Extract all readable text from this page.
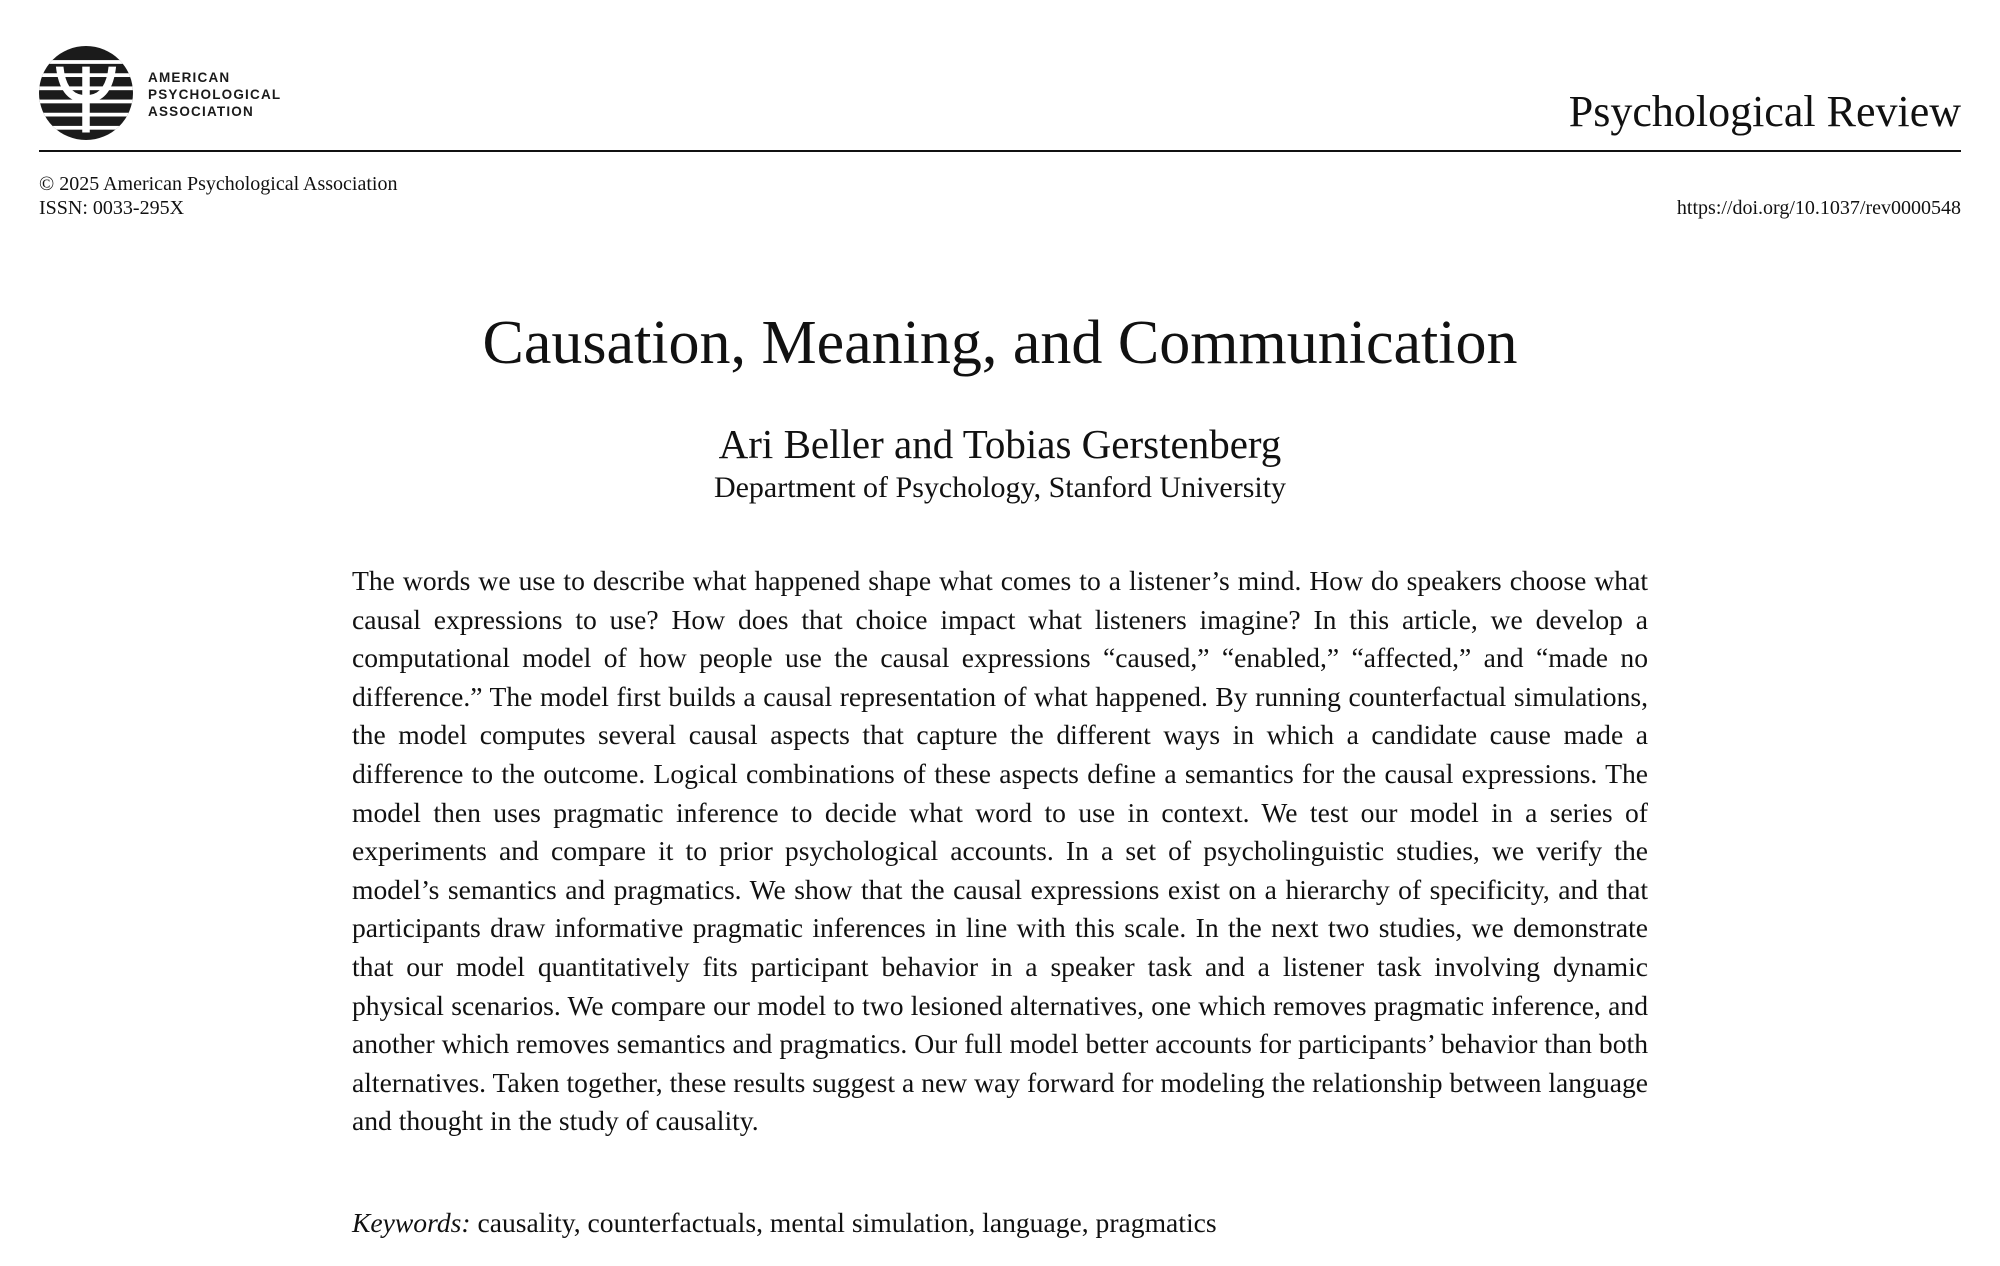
AMERICAN
PSYCHOLOGICAL
ASSOCIATION	Psychological Review
© 2025 American Psychological Association
ISSN: 0033-295X	https://doi.org/10.1037/rev0000548
Causation, Meaning, and Communication
Ari Beller and Tobias Gerstenberg
Department of Psychology, Stanford University

The words we use to describe what happened shape what comes to a listener’s mind. How do speakers choose what causal expressions to use? How does that choice impact what listeners imagine? In this article, we develop a computational model of how people use the causal expressions “caused,” “enabled,” “affected,” and “made no difference.” The model first builds a causal representation of what happened. By running counterfactual simulations, the model computes several causal aspects that capture the different ways in which a candidate cause made a difference to the outcome. Logical combinations of these aspects define a semantics for the causal expressions. The model then uses pragmatic inference to decide what word to use in context. We test our model in a series of experiments and compare it to prior psychological accounts. In a set of psycholinguistic studies, we verify the model’s semantics and pragmatics. We show that the causal expressions exist on a hierarchy of specificity, and that participants draw informative pragmatic inferences in line with this scale. In the next two studies, we demonstrate that our model quantitatively fits participant behavior in a speaker task and a listener task involving dynamic physical scenarios. We compare our model to two lesioned alternatives, one which removes pragmatic inference, and another which removes semantics and pragmatics. Our full model better accounts for participants’ behavior than both alternatives. Taken together, these results suggest a new way forward for modeling the relationship between language and thought in the study of causality.

Keywords: causality, counterfactuals, mental simulation, language, pragmatics
